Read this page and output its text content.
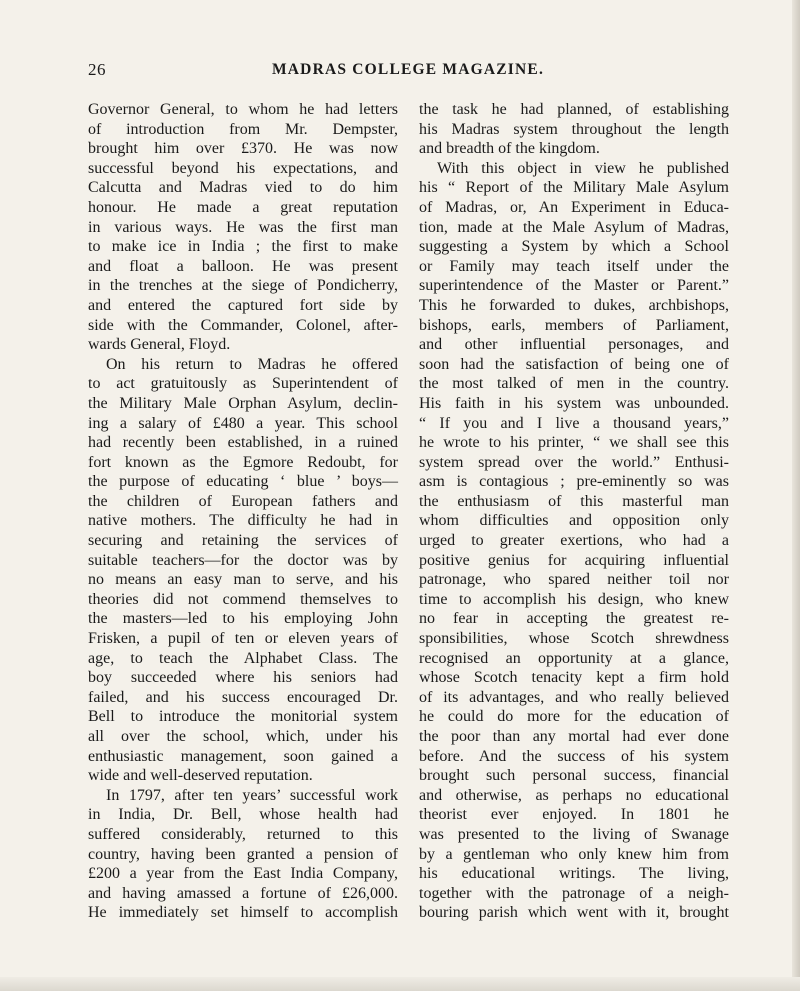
26	MADRAS COLLEGE MAGAZINE.
Governor General, to whom he had letters
of introduction from Mr. Dempster,
brought him over £370. He was now
successful beyond his expectations, and
Calcutta and Madras vied to do him
honour. He made a great reputation
in various ways. He was the first man
to make ice in India ; the first to make
and float a balloon. He was present
in the trenches at the siege of Pondicherry,
and entered the captured fort side by
side with the Commander, Colonel, after-
wards General, Floyd.
On his return to Madras he offered
to act gratuitously as Superintendent of
the Military Male Orphan Asylum, declin-
ing a salary of £480 a year. This school
had recently been established, in a ruined
fort known as the Egmore Redoubt, for
the purpose of educating ‘ blue ’ boys—
the children of European fathers and
native mothers. The difficulty he had in
securing and retaining the services of
suitable teachers—for the doctor was by
no means an easy man to serve, and his
theories did not commend themselves to
the masters—led to his employing John
Frisken, a pupil of ten or eleven years of
age, to teach the Alphabet Class. The
boy succeeded where his seniors had
failed, and his success encouraged Dr.
Bell to introduce the monitorial system
all over the school, which, under his
enthusiastic management, soon gained a
wide and well-deserved reputation.
In 1797, after ten years’ successful work
in India, Dr. Bell, whose health had
suffered considerably, returned to this
country, having been granted a pension of
£200 a year from the East India Company,
and having amassed a fortune of £26,000.
He immediately set himself to accomplish
the task he had planned, of establishing
his Madras system throughout the length
and breadth of the kingdom.
With this object in view he published
his “ Report of the Military Male Asylum
of Madras, or, An Experiment in Educa-
tion, made at the Male Asylum of Madras,
suggesting a System by which a School
or Family may teach itself under the
superintendence of the Master or Parent.”
This he forwarded to dukes, archbishops,
bishops, earls, members of Parliament,
and other influential personages, and
soon had the satisfaction of being one of
the most talked of men in the country.
His faith in his system was unbounded.
“ If you and I live a thousand years,”
he wrote to his printer, “ we shall see this
system spread over the world.” Enthusi-
asm is contagious ; pre-eminently so was
the enthusiasm of this masterful man
whom difficulties and opposition only
urged to greater exertions, who had a
positive genius for acquiring influential
patronage, who spared neither toil nor
time to accomplish his design, who knew
no fear in accepting the greatest re-
sponsibilities, whose Scotch shrewdness
recognised an opportunity at a glance,
whose Scotch tenacity kept a firm hold
of its advantages, and who really believed
he could do more for the education of
the poor than any mortal had ever done
before. And the success of his system
brought such personal success, financial
and otherwise, as perhaps no educational
theorist ever enjoyed. In 1801 he
was presented to the living of Swanage
by a gentleman who only knew him from
his educational writings. The living,
together with the patronage of a neigh-
bouring parish which went with it, brought
